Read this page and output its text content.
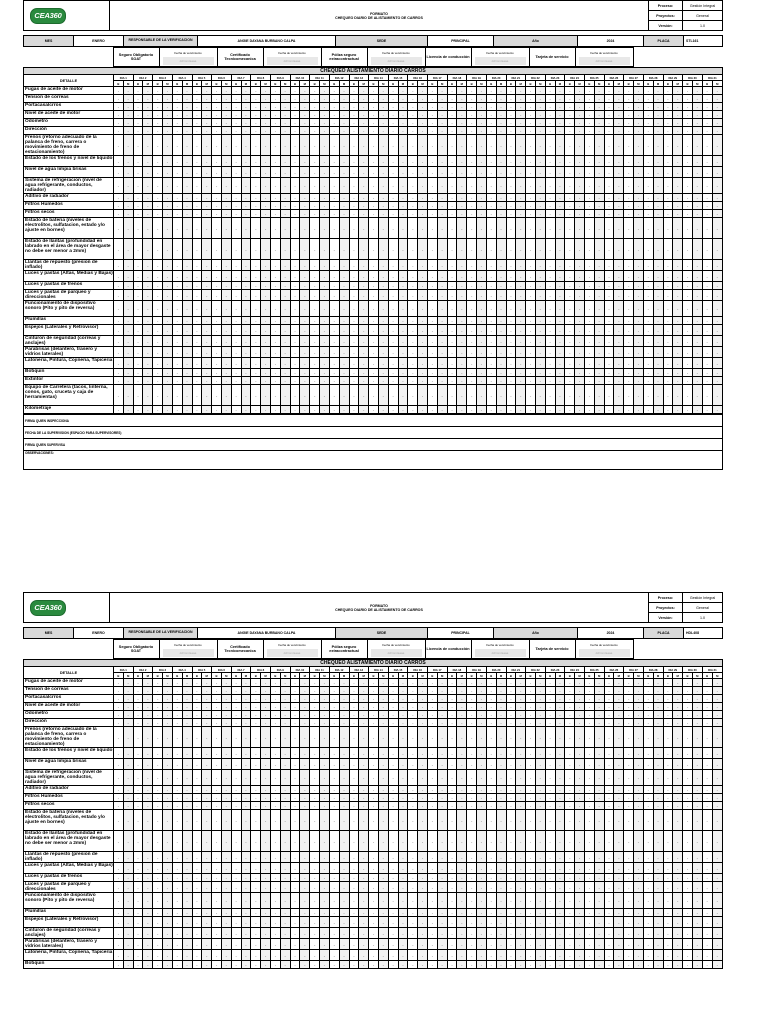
CEA360	FORMATO
CHEQUEO DIARIO DE ALISTAMIENTO DE CARROS	Proceso:	Gestión Integral
		Proyectos:	General
		Versión:	1.0
MES	ENERO	RESPONSABLE DE LA VERIFICACION	ANGIE DAYANA BURBANO CALPA	SEDE	PRINCIPAL	Año	2024	PLACA	STL161
	Seguro Obligatorio SOAT	
Fecha de vencimiento
dd/mm/aaaa
	Certificado Tecnicomecanica	
Fecha de vencimiento
dd/mm/aaaa
	Póliza seguro extracontractual	
Fecha de vencimiento
dd/mm/aaaa
	Licencia de conducción	
Fecha de vencimiento
dd/mm/aaaa
	Tarjeta de servicio	
Fecha de vencimiento
dd/mm/aaaa

CHEQUEO ALISTAMIENTO DIARIO CARROS																																																														
DETALLE	DIA 1		DIA 2		DIA 3		DIA 4		DIA 5		DIA 6		DIA 7		DIA 8		DIA 9		DIA 10		DIA 11		DIA 12		DIA 13		DIA 14		DIA 15		DIA 16		DIA 17		DIA 18		DIA 19		DIA 20		DIA 21		DIA 22		DIA 23		DIA 24		DIA 25		DIA 26		DIA 27		DIA 28		DIA 29		DIA 30		DIA 31	
	B	M	B	M	B	M	B	M	B	M	B	M	B	M	B	M	B	M	B	M	B	M	B	M	B	M	B	M	B	M	B	M	B	M	B	M	B	M	B	M	B	M	B	M	B	M	B	M	B	M	B	M	B	M	B	M	B	M	B	M	B	M
Fugas de aceite de motor	-	-	-	-	-	-	-	-	-	-	-	-	-	-	-	-	-	-	-	-	-	-	-	-	-	-	-	-	-	-	-	-	-	-	-	-	-	-	-	-	-	-	-	-	-	-	-	-	-	-	-	-	-	-	-	-	-	-	-	-	-	-
Tension de correas	-	-	-	-	-	-	-	-	-	-	-	-	-	-	-	-	-	-	-	-	-	-	-	-	-	-	-	-	-	-	-	-	-	-	-	-	-	-	-	-	-	-	-	-	-	-	-	-	-	-	-	-	-	-	-	-	-	-	-	-	-	-
Portacasalcrros	-	-	-	-	-	-	-	-	-	-	-	-	-	-	-	-	-	-	-	-	-	-	-	-	-	-	-	-	-	-	-	-	-	-	-	-	-	-	-	-	-	-	-	-	-	-	-	-	-	-	-	-	-	-	-	-	-	-	-	-	-	-
Nivel de aceite de motor	-	-	-	-	-	-	-	-	-	-	-	-	-	-	-	-	-	-	-	-	-	-	-	-	-	-	-	-	-	-	-	-	-	-	-	-	-	-	-	-	-	-	-	-	-	-	-	-	-	-	-	-	-	-	-	-	-	-	-	-	-	-
Odometro	-	-	-	-	-	-	-	-	-	-	-	-	-	-	-	-	-	-	-	-	-	-	-	-	-	-	-	-	-	-	-	-	-	-	-	-	-	-	-	-	-	-	-	-	-	-	-	-	-	-	-	-	-	-	-	-	-	-	-	-	-	-
Dirección	-	-	-	-	-	-	-	-	-	-	-	-	-	-	-	-	-	-	-	-	-	-	-	-	-	-	-	-	-	-	-	-	-	-	-	-	-	-	-	-	-	-	-	-	-	-	-	-	-	-	-	-	-	-	-	-	-	-	-	-	-	-
Frenos (retorno adecuado de la palanca de freno, carrera o movimiento de freno de estacionamiento)	-	-	-	-	-	-	-	-	-	-	-	-	-	-	-	-	-	-	-	-	-	-	-	-	-	-	-	-	-	-	-	-	-	-	-	-	-	-	-	-	-	-	-	-	-	-	-	-	-	-	-	-	-	-	-	-	-	-	-	-	-	-
Estado de los frenos y nivel de liquido	-	-	-	-	-	-	-	-	-	-	-	-	-	-	-	-	-	-	-	-	-	-	-	-	-	-	-	-	-	-	-	-	-	-	-	-	-	-	-	-	-	-	-	-	-	-	-	-	-	-	-	-	-	-	-	-	-	-	-	-	-	-
Nivel de agua limpia brisas	-	-	-	-	-	-	-	-	-	-	-	-	-	-	-	-	-	-	-	-	-	-	-	-	-	-	-	-	-	-	-	-	-	-	-	-	-	-	-	-	-	-	-	-	-	-	-	-	-	-	-	-	-	-	-	-	-	-	-	-	-	-
Sistema de refrigeracion (nivel de agua refrigerante, conductos, radiador)	-	-	-	-	-	-	-	-	-	-	-	-	-	-	-	-	-	-	-	-	-	-	-	-	-	-	-	-	-	-	-	-	-	-	-	-	-	-	-	-	-	-	-	-	-	-	-	-	-	-	-	-	-	-	-	-	-	-	-	-	-	-
Aditivo de radiador	-	-	-	-	-	-	-	-	-	-	-	-	-	-	-	-	-	-	-	-	-	-	-	-	-	-	-	-	-	-	-	-	-	-	-	-	-	-	-	-	-	-	-	-	-	-	-	-	-	-	-	-	-	-	-	-	-	-	-	-	-	-
Filtros Humedos	-	-	-	-	-	-	-	-	-	-	-	-	-	-	-	-	-	-	-	-	-	-	-	-	-	-	-	-	-	-	-	-	-	-	-	-	-	-	-	-	-	-	-	-	-	-	-	-	-	-	-	-	-	-	-	-	-	-	-	-	-	-
Filtros secos	-	-	-	-	-	-	-	-	-	-	-	-	-	-	-	-	-	-	-	-	-	-	-	-	-	-	-	-	-	-	-	-	-	-	-	-	-	-	-	-	-	-	-	-	-	-	-	-	-	-	-	-	-	-	-	-	-	-	-	-	-	-
Estado de bateria (niveles de electrolitos, sulfatacion, estado y/o ajuste en bornes)	-	-	-	-	-	-	-	-	-	-	-	-	-	-	-	-	-	-	-	-	-	-	-	-	-	-	-	-	-	-	-	-	-	-	-	-	-	-	-	-	-	-	-	-	-	-	-	-	-	-	-	-	-	-	-	-	-	-	-	-	-	-
Estado de llantas (profundidad en labrado en el área de mayor desgaste no debe ser menor a 2mm)	-	-	-	-	-	-	-	-	-	-	-	-	-	-	-	-	-	-	-	-	-	-	-	-	-	-	-	-	-	-	-	-	-	-	-	-	-	-	-	-	-	-	-	-	-	-	-	-	-	-	-	-	-	-	-	-	-	-	-	-	-	-
Llantas de repuesto (presion de inflado)	-	-	-	-	-	-	-	-	-	-	-	-	-	-	-	-	-	-	-	-	-	-	-	-	-	-	-	-	-	-	-	-	-	-	-	-	-	-	-	-	-	-	-	-	-	-	-	-	-	-	-	-	-	-	-	-	-	-	-	-	-	-
Luces y pastas (Altas, Medias y Bajas)	-	-	-	-	-	-	-	-	-	-	-	-	-	-	-	-	-	-	-	-	-	-	-	-	-	-	-	-	-	-	-	-	-	-	-	-	-	-	-	-	-	-	-	-	-	-	-	-	-	-	-	-	-	-	-	-	-	-	-	-	-	-
Luces y pastas de frenos	-	-	-	-	-	-	-	-	-	-	-	-	-	-	-	-	-	-	-	-	-	-	-	-	-	-	-	-	-	-	-	-	-	-	-	-	-	-	-	-	-	-	-	-	-	-	-	-	-	-	-	-	-	-	-	-	-	-	-	-	-	-
Luces y pastas de parqueo y direccionales	-	-	-	-	-	-	-	-	-	-	-	-	-	-	-	-	-	-	-	-	-	-	-	-	-	-	-	-	-	-	-	-	-	-	-	-	-	-	-	-	-	-	-	-	-	-	-	-	-	-	-	-	-	-	-	-	-	-	-	-	-	-
Funcionamiento de dispositivo sonoro (Pito y pito de reversa)	-	-	-	-	-	-	-	-	-	-	-	-	-	-	-	-	-	-	-	-	-	-	-	-	-	-	-	-	-	-	-	-	-	-	-	-	-	-	-	-	-	-	-	-	-	-	-	-	-	-	-	-	-	-	-	-	-	-	-	-	-	-
Plumillas	-	-	-	-	-	-	-	-	-	-	-	-	-	-	-	-	-	-	-	-	-	-	-	-	-	-	-	-	-	-	-	-	-	-	-	-	-	-	-	-	-	-	-	-	-	-	-	-	-	-	-	-	-	-	-	-	-	-	-	-	-	-
Espejos (Laterales y Retrovisor)	-	-	-	-	-	-	-	-	-	-	-	-	-	-	-	-	-	-	-	-	-	-	-	-	-	-	-	-	-	-	-	-	-	-	-	-	-	-	-	-	-	-	-	-	-	-	-	-	-	-	-	-	-	-	-	-	-	-	-	-	-	-
Cinturon de seguridad (correas y anclajes)	-	-	-	-	-	-	-	-	-	-	-	-	-	-	-	-	-	-	-	-	-	-	-	-	-	-	-	-	-	-	-	-	-	-	-	-	-	-	-	-	-	-	-	-	-	-	-	-	-	-	-	-	-	-	-	-	-	-	-	-	-	-
Parabrisas (delantero, trasero y vidrios laterales)	-	-	-	-	-	-	-	-	-	-	-	-	-	-	-	-	-	-	-	-	-	-	-	-	-	-	-	-	-	-	-	-	-	-	-	-	-	-	-	-	-	-	-	-	-	-	-	-	-	-	-	-	-	-	-	-	-	-	-	-	-	-
Latoneria, Pintura, Cojineria, Tapiceria	-	-	-	-	-	-	-	-	-	-	-	-	-	-	-	-	-	-	-	-	-	-	-	-	-	-	-	-	-	-	-	-	-	-	-	-	-	-	-	-	-	-	-	-	-	-	-	-	-	-	-	-	-	-	-	-	-	-	-	-	-	-
Botiquin	-	-	-	-	-	-	-	-	-	-	-	-	-	-	-	-	-	-	-	-	-	-	-	-	-	-	-	-	-	-	-	-	-	-	-	-	-	-	-	-	-	-	-	-	-	-	-	-	-	-	-	-	-	-	-	-	-	-	-	-	-	-
Extintor	-	-	-	-	-	-	-	-	-	-	-	-	-	-	-	-	-	-	-	-	-	-	-	-	-	-	-	-	-	-	-	-	-	-	-	-	-	-	-	-	-	-	-	-	-	-	-	-	-	-	-	-	-	-	-	-	-	-	-	-	-	-
Equipo de Carretera (tacos, linterna, conos, gato, cruceta y caja de herramientas)	-	-	-	-	-	-	-	-	-	-	-	-	-	-	-	-	-	-	-	-	-	-	-	-	-	-	-	-	-	-	-	-	-	-	-	-	-	-	-	-	-	-	-	-	-	-	-	-	-	-	-	-	-	-	-	-	-	-	-	-	-	-
Kilometraje	-	-	-	-	-	-	-	-	-	-	-	-	-	-	-	-	-	-	-	-	-	-	-	-	-	-	-	-	-	-	-	-	-	-	-	-	-	-	-	-	-	-	-	-	-	-	-	-	-	-	-	-	-	-	-	-	-	-	-	-	-	-
FIRMA QUIEN INSPECCIONA
FECHA DE LA SUPERVISION (ESPACIO PARA SUPERVISORES)
FIRMA QUIEN SUPERVISA
OBSERVACIONES:
CEA360	FORMATO
CHEQUEO DIARIO DE ALISTAMIENTO DE CARROS	Proceso:	Gestión Integral
		Proyectos:	General
		Versión:	1.0
MES	ENERO	RESPONSABLE DE LA VERIFICACION	ANGIE DAYANA BURBANO CALPA	SEDE	PRINCIPAL	Año	2024	PLACA	HDL408
	Seguro Obligatorio SOAT	
Fecha de vencimiento
dd/mm/aaaa
	Certificado Tecnicomecanica	
Fecha de vencimiento
dd/mm/aaaa
	Póliza seguro extracontractual	
Fecha de vencimiento
dd/mm/aaaa
	Licencia de conducción	
Fecha de vencimiento
dd/mm/aaaa
	Tarjeta de servicio	
Fecha de vencimiento
dd/mm/aaaa

CHEQUEO ALISTAMIENTO DIARIO CARROS																																																														
DETALLE	DIA 1		DIA 2		DIA 3		DIA 4		DIA 5		DIA 6		DIA 7		DIA 8		DIA 9		DIA 10		DIA 11		DIA 12		DIA 13		DIA 14		DIA 15		DIA 16		DIA 17		DIA 18		DIA 19		DIA 20		DIA 21		DIA 22		DIA 23		DIA 24		DIA 25		DIA 26		DIA 27		DIA 28		DIA 29		DIA 30		DIA 31	
	B	M	B	M	B	M	B	M	B	M	B	M	B	M	B	M	B	M	B	M	B	M	B	M	B	M	B	M	B	M	B	M	B	M	B	M	B	M	B	M	B	M	B	M	B	M	B	M	B	M	B	M	B	M	B	M	B	M	B	M	B	M
Fugas de aceite de motor	-	-	-	-	-	-	-	-	-	-	-	-	-	-	-	-	-	-	-	-	-	-	-	-	-	-	-	-	-	-	-	-	-	-	-	-	-	-	-	-	-	-	-	-	-	-	-	-	-	-	-	-	-	-	-	-	-	-	-	-	-	-
Tension de correas	-	-	-	-	-	-	-	-	-	-	-	-	-	-	-	-	-	-	-	-	-	-	-	-	-	-	-	-	-	-	-	-	-	-	-	-	-	-	-	-	-	-	-	-	-	-	-	-	-	-	-	-	-	-	-	-	-	-	-	-	-	-
Portacasalcrros	-	-	-	-	-	-	-	-	-	-	-	-	-	-	-	-	-	-	-	-	-	-	-	-	-	-	-	-	-	-	-	-	-	-	-	-	-	-	-	-	-	-	-	-	-	-	-	-	-	-	-	-	-	-	-	-	-	-	-	-	-	-
Nivel de aceite de motor	-	-	-	-	-	-	-	-	-	-	-	-	-	-	-	-	-	-	-	-	-	-	-	-	-	-	-	-	-	-	-	-	-	-	-	-	-	-	-	-	-	-	-	-	-	-	-	-	-	-	-	-	-	-	-	-	-	-	-	-	-	-
Odometro	-	-	-	-	-	-	-	-	-	-	-	-	-	-	-	-	-	-	-	-	-	-	-	-	-	-	-	-	-	-	-	-	-	-	-	-	-	-	-	-	-	-	-	-	-	-	-	-	-	-	-	-	-	-	-	-	-	-	-	-	-	-
Dirección	-	-	-	-	-	-	-	-	-	-	-	-	-	-	-	-	-	-	-	-	-	-	-	-	-	-	-	-	-	-	-	-	-	-	-	-	-	-	-	-	-	-	-	-	-	-	-	-	-	-	-	-	-	-	-	-	-	-	-	-	-	-
Frenos (retorno adecuado de la palanca de freno, carrera o movimiento de freno de estacionamiento)	-	-	-	-	-	-	-	-	-	-	-	-	-	-	-	-	-	-	-	-	-	-	-	-	-	-	-	-	-	-	-	-	-	-	-	-	-	-	-	-	-	-	-	-	-	-	-	-	-	-	-	-	-	-	-	-	-	-	-	-	-	-
Estado de los frenos y nivel de liquido	-	-	-	-	-	-	-	-	-	-	-	-	-	-	-	-	-	-	-	-	-	-	-	-	-	-	-	-	-	-	-	-	-	-	-	-	-	-	-	-	-	-	-	-	-	-	-	-	-	-	-	-	-	-	-	-	-	-	-	-	-	-
Nivel de agua limpia brisas	-	-	-	-	-	-	-	-	-	-	-	-	-	-	-	-	-	-	-	-	-	-	-	-	-	-	-	-	-	-	-	-	-	-	-	-	-	-	-	-	-	-	-	-	-	-	-	-	-	-	-	-	-	-	-	-	-	-	-	-	-	-
Sistema de refrigeracion (nivel de agua refrigerante, conductos, radiador)	-	-	-	-	-	-	-	-	-	-	-	-	-	-	-	-	-	-	-	-	-	-	-	-	-	-	-	-	-	-	-	-	-	-	-	-	-	-	-	-	-	-	-	-	-	-	-	-	-	-	-	-	-	-	-	-	-	-	-	-	-	-
Aditivo de radiador	-	-	-	-	-	-	-	-	-	-	-	-	-	-	-	-	-	-	-	-	-	-	-	-	-	-	-	-	-	-	-	-	-	-	-	-	-	-	-	-	-	-	-	-	-	-	-	-	-	-	-	-	-	-	-	-	-	-	-	-	-	-
Filtros Humedos	-	-	-	-	-	-	-	-	-	-	-	-	-	-	-	-	-	-	-	-	-	-	-	-	-	-	-	-	-	-	-	-	-	-	-	-	-	-	-	-	-	-	-	-	-	-	-	-	-	-	-	-	-	-	-	-	-	-	-	-	-	-
Filtros secos	-	-	-	-	-	-	-	-	-	-	-	-	-	-	-	-	-	-	-	-	-	-	-	-	-	-	-	-	-	-	-	-	-	-	-	-	-	-	-	-	-	-	-	-	-	-	-	-	-	-	-	-	-	-	-	-	-	-	-	-	-	-
Estado de bateria (niveles de electrolitos, sulfatacion, estado y/o ajuste en bornes)	-	-	-	-	-	-	-	-	-	-	-	-	-	-	-	-	-	-	-	-	-	-	-	-	-	-	-	-	-	-	-	-	-	-	-	-	-	-	-	-	-	-	-	-	-	-	-	-	-	-	-	-	-	-	-	-	-	-	-	-	-	-
Estado de llantas (profundidad en labrado en el área de mayor desgaste no debe ser menor a 2mm)	-	-	-	-	-	-	-	-	-	-	-	-	-	-	-	-	-	-	-	-	-	-	-	-	-	-	-	-	-	-	-	-	-	-	-	-	-	-	-	-	-	-	-	-	-	-	-	-	-	-	-	-	-	-	-	-	-	-	-	-	-	-
Llantas de repuesto (presion de inflado)	-	-	-	-	-	-	-	-	-	-	-	-	-	-	-	-	-	-	-	-	-	-	-	-	-	-	-	-	-	-	-	-	-	-	-	-	-	-	-	-	-	-	-	-	-	-	-	-	-	-	-	-	-	-	-	-	-	-	-	-	-	-
Luces y pastas (Altas, Medias y Bajas)	-	-	-	-	-	-	-	-	-	-	-	-	-	-	-	-	-	-	-	-	-	-	-	-	-	-	-	-	-	-	-	-	-	-	-	-	-	-	-	-	-	-	-	-	-	-	-	-	-	-	-	-	-	-	-	-	-	-	-	-	-	-
Luces y pastas de frenos	-	-	-	-	-	-	-	-	-	-	-	-	-	-	-	-	-	-	-	-	-	-	-	-	-	-	-	-	-	-	-	-	-	-	-	-	-	-	-	-	-	-	-	-	-	-	-	-	-	-	-	-	-	-	-	-	-	-	-	-	-	-
Luces y pastas de parqueo y direccionales	-	-	-	-	-	-	-	-	-	-	-	-	-	-	-	-	-	-	-	-	-	-	-	-	-	-	-	-	-	-	-	-	-	-	-	-	-	-	-	-	-	-	-	-	-	-	-	-	-	-	-	-	-	-	-	-	-	-	-	-	-	-
Funcionamiento de dispositivo sonoro (Pito y pito de reversa)	-	-	-	-	-	-	-	-	-	-	-	-	-	-	-	-	-	-	-	-	-	-	-	-	-	-	-	-	-	-	-	-	-	-	-	-	-	-	-	-	-	-	-	-	-	-	-	-	-	-	-	-	-	-	-	-	-	-	-	-	-	-
Plumillas	-	-	-	-	-	-	-	-	-	-	-	-	-	-	-	-	-	-	-	-	-	-	-	-	-	-	-	-	-	-	-	-	-	-	-	-	-	-	-	-	-	-	-	-	-	-	-	-	-	-	-	-	-	-	-	-	-	-	-	-	-	-
Espejos (Laterales y Retrovisor)	-	-	-	-	-	-	-	-	-	-	-	-	-	-	-	-	-	-	-	-	-	-	-	-	-	-	-	-	-	-	-	-	-	-	-	-	-	-	-	-	-	-	-	-	-	-	-	-	-	-	-	-	-	-	-	-	-	-	-	-	-	-
Cinturon de seguridad (correas y anclajes)	-	-	-	-	-	-	-	-	-	-	-	-	-	-	-	-	-	-	-	-	-	-	-	-	-	-	-	-	-	-	-	-	-	-	-	-	-	-	-	-	-	-	-	-	-	-	-	-	-	-	-	-	-	-	-	-	-	-	-	-	-	-
Parabrisas (delantero, trasero y vidrios laterales)	-	-	-	-	-	-	-	-	-	-	-	-	-	-	-	-	-	-	-	-	-	-	-	-	-	-	-	-	-	-	-	-	-	-	-	-	-	-	-	-	-	-	-	-	-	-	-	-	-	-	-	-	-	-	-	-	-	-	-	-	-	-
Latoneria, Pintura, Cojineria, Tapiceria	-	-	-	-	-	-	-	-	-	-	-	-	-	-	-	-	-	-	-	-	-	-	-	-	-	-	-	-	-	-	-	-	-	-	-	-	-	-	-	-	-	-	-	-	-	-	-	-	-	-	-	-	-	-	-	-	-	-	-	-	-	-
Botiquin	-	-	-	-	-	-	-	-	-	-	-	-	-	-	-	-	-	-	-	-	-	-	-	-	-	-	-	-	-	-	-	-	-	-	-	-	-	-	-	-	-	-	-	-	-	-	-	-	-	-	-	-	-	-	-	-	-	-	-	-	-	-
